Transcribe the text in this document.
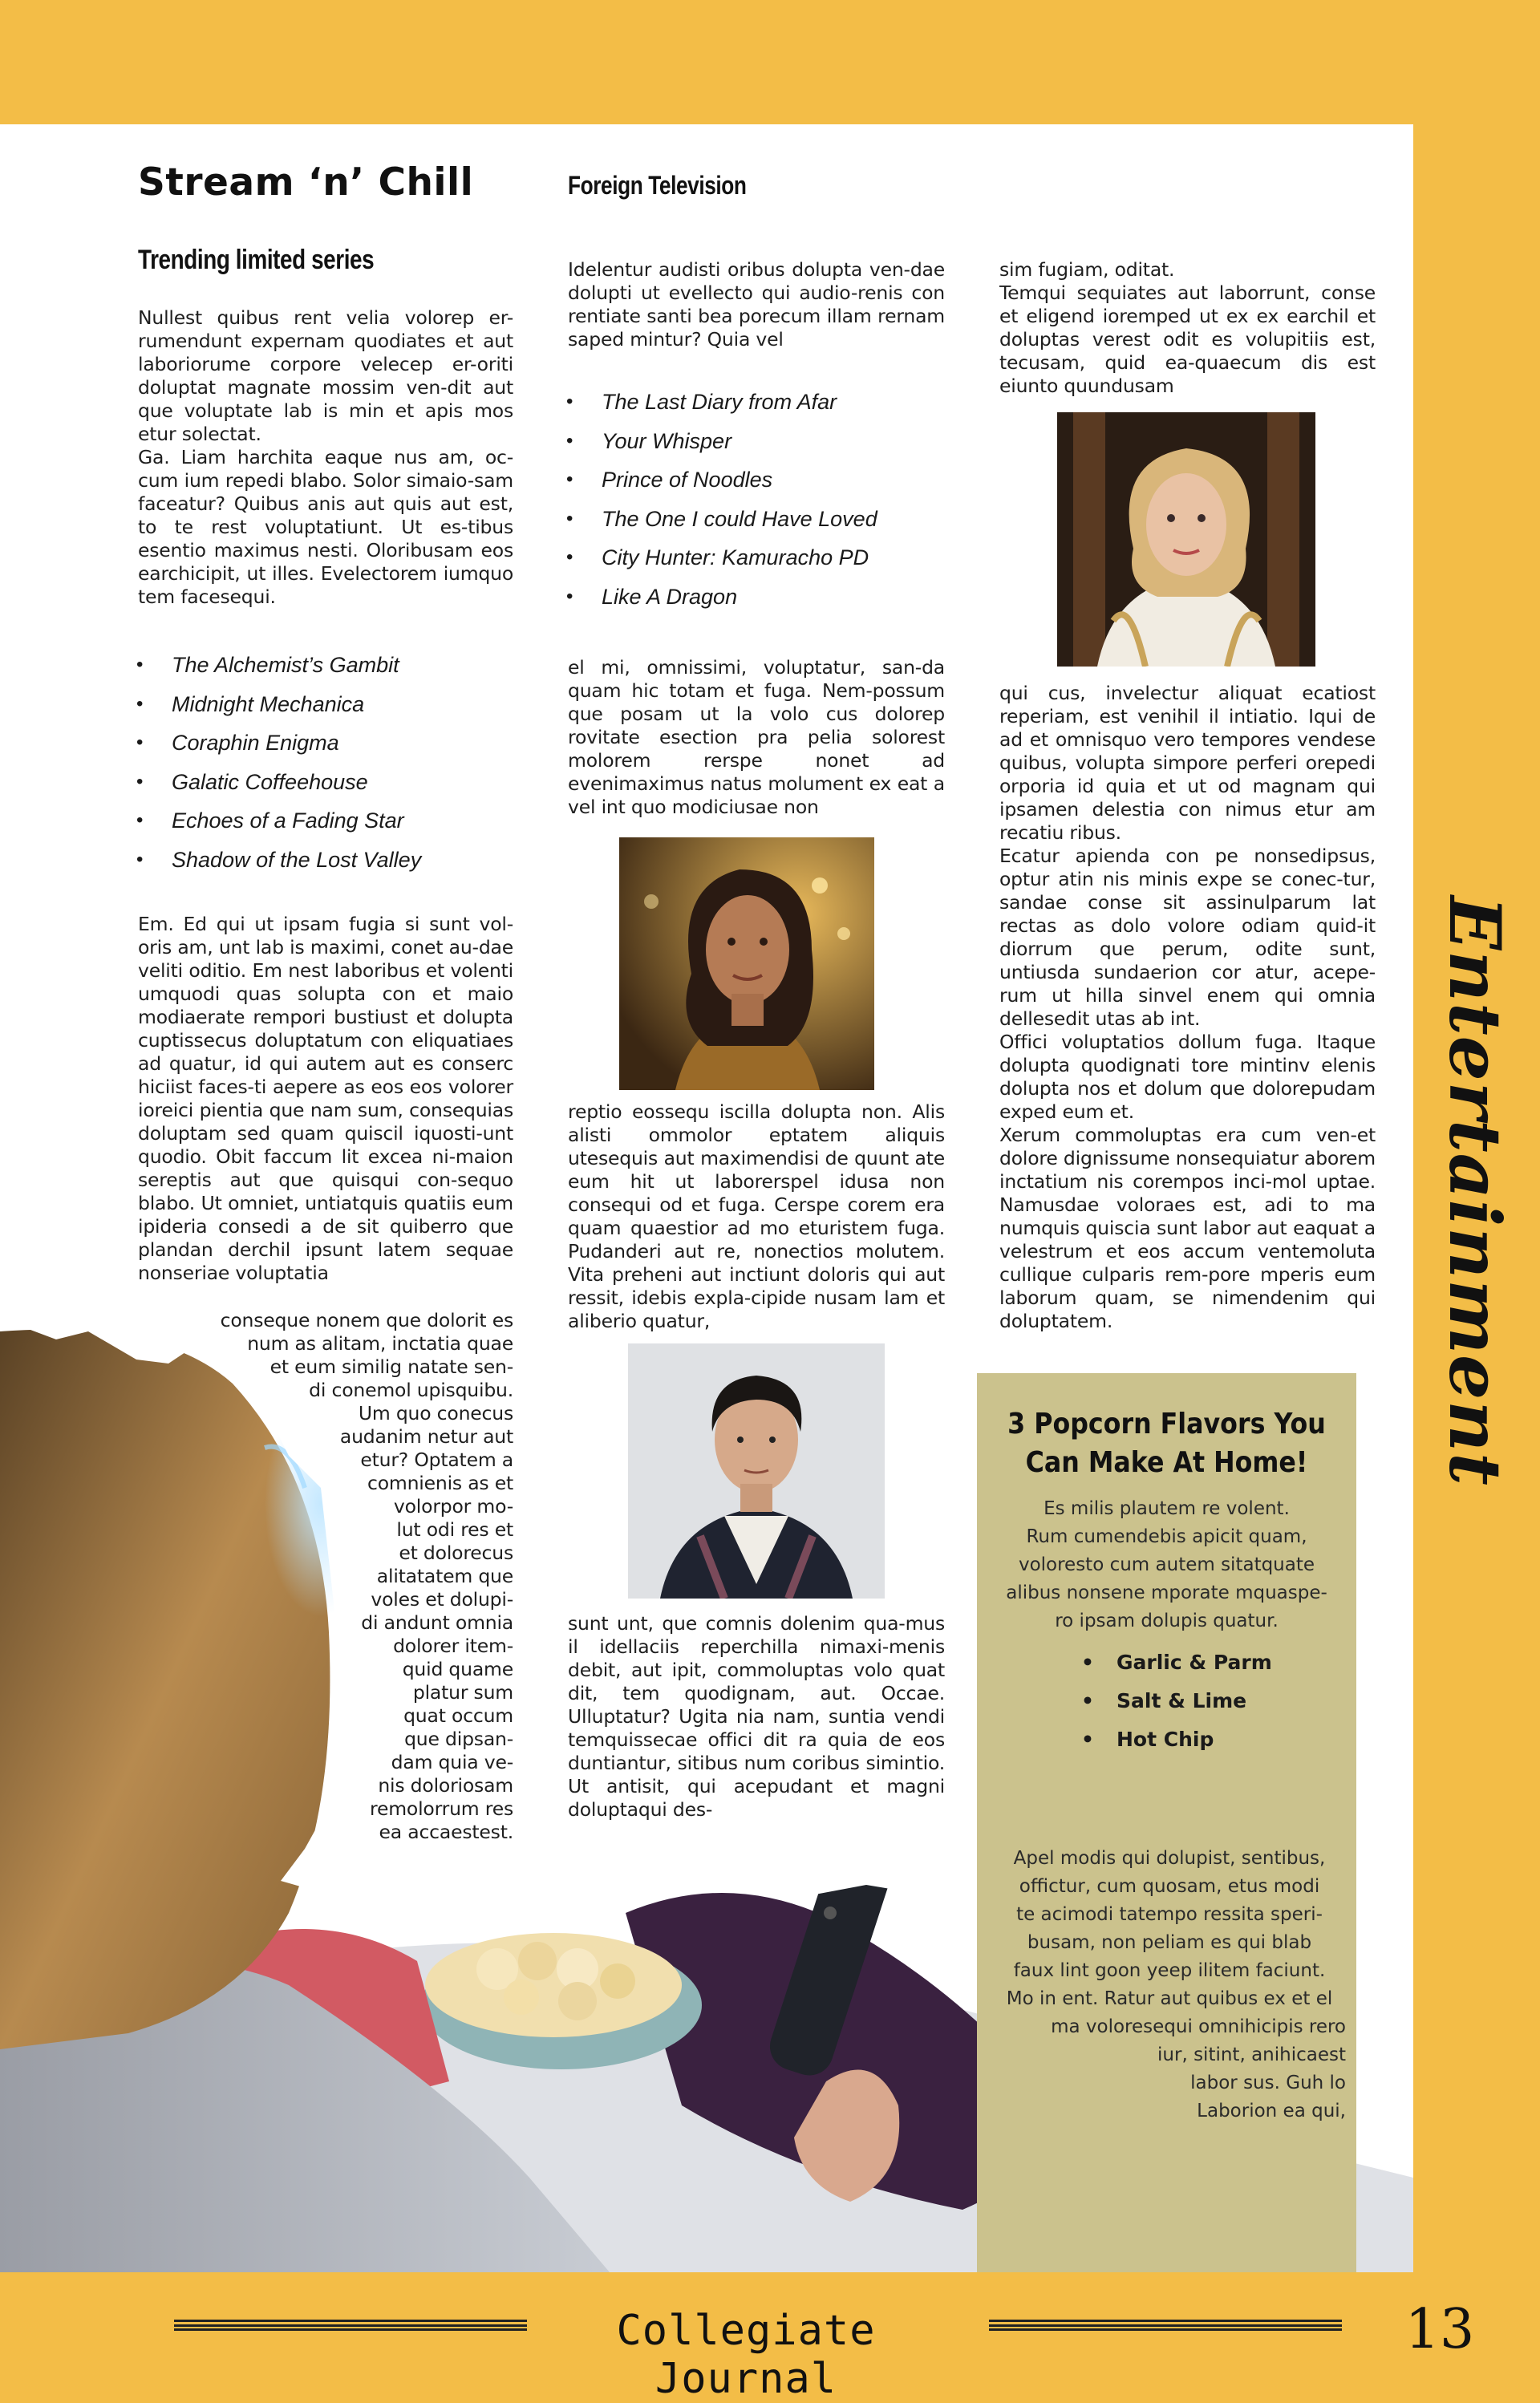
Stream ‘n’ Chill
Trending limited series

Nullest quibus rent velia volorep er-rumendunt expernam quodiates et aut laboriorume corpore velecep er-oriti doluptat magnate mossim ven-dit aut que voluptate lab is min et apis mos etur solectat.

Ga. Liam harchita eaque nus am, oc-cum ium repedi blabo. Solor simaio-sam faceatur? Quibus anis aut quis aut est, to te rest voluptatiunt. Ut es-tibus esentio maximus nesti. Oloribusam eos earchicipit, ut illes. Evelectorem iumquo tem facesequi.

• The Alchemist’s Gambit
• Midnight Mechanica
• Coraphin Enigma
• Galatic Coffeehouse
• Echoes of a Fading Star
• Shadow of the Lost Valley

Em. Ed qui ut ipsam fugia si sunt vol-oris am, unt lab is maximi, conet au-dae veliti oditio. Em nest laboribus et volenti umquodi quas solupta con et maio modiaerate rempori bustiust et dolupta cuptissecus doluptatum con eliquatiaes ad quatur, id qui autem aut es conserc hiciist faces-ti aepere as eos eos volorer ioreici pientia que nam sum, consequias doluptam sed quam quiscil iquosti-unt quodio. Obit faccum lit excea ni-maion sereptis aut que quisqui con-sequo blabo. Ut omniet, untiatquis quatiis eum ipideria consedi a de sit quiberro que plandan derchil ipsunt latem sequae nonseriae voluptatia

conseque nonem que dolorit es
num as alitam, inctatia quae
et eum similig natate sen-
di conemol upisquibu.
Um quo conecus
audanim netur aut
etur? Optatem a
comnienis as et
volorpor mo-
lut odi res et
et dolorecus
alitatatem que
voles et dolupi-
di andunt omnia
dolorer item-
quid quame
platur sum
quat occum
que dipsan-
dam quia ve-
nis doloriosam
remolorrum res
ea accaestest.
Foreign Television

Idelentur audisti oribus dolupta ven-dae dolupti ut evellecto qui audio-renis con rentiate santi bea porecum illam rernam saped mintur? Quia vel

• The Last Diary from Afar
• Your Whisper
• Prince of Noodles
• The One I could Have Loved
• City Hunter: Kamuracho PD
• Like A Dragon

el mi, omnissimi, voluptatur, san-da quam hic totam et fuga. Nem-possum que posam ut la volo cus dolorep rovitate esection pra pelia solorest molorem rerspe nonet ad evenimaximus natus molument ex eat a vel int quo modiciusae non

reptio eossequ iscilla dolupta non. Alis alisti ommolor eptatem aliquis utesequis aut maximendisi de quunt ate eum hit ut laborerspel idusa non consequi od et fuga. Cerspe corem era quam quaestior ad mo eturistem fuga. Pudanderi aut re, nonectios molutem. Vita preheni aut inctiunt doloris qui aut ressit, idebis expla-cipide nusam lam et aliberio quatur,

sunt unt, que comnis dolenim qua-mus il idellaciis reperchilla nimaxi-menis debit, aut ipit, commoluptas volo quat dit, tem quodignam, aut. Occae. Ulluptatur? Ugita nia nam, suntia vendi temquissecae offici dit ra quia de eos duntiantur, sitibus num coribus simintio. Ut antisit, qui acepudant et magni doluptaqui des-

sim fugiam, oditat.

Temqui sequiates aut laborrunt, conse et eligend ioremped ut ex ex earchil et doluptas verest odit es volupitiis est, tecusam, quid ea-quaecum dis est eiunto quundusam

qui cus, invelectur aliquat ecatiost reperiam, est venihil il intiatio. Iqui de ad et omnisquo vero tempores vendese quibus, volupta simpore perferi orepedi orporia id quia et ut od magnam qui ipsamen delestia con nimus etur am recatiu ribus.

Ecatur apienda con pe nonsedipsus, optur atin nis minis expe se conec-tur, sandae conse sit assinulparum lat rectas as dolo volore odiam quid-it diorrum que perum, odite sunt, untiusda sundaerion cor atur, acepe-rum ut hilla sinvel enem qui omnia dellesedit utas ab int.

Offici voluptatios dollum fuga. Itaque dolupta quodignati tore mintinv elenis dolupta nos et dolum que dolorepudam exped eum et.

Xerum commoluptas era cum ven-et dolore dignissume nonsequiatur aborem inctatium nis corempos inci-mol uptae. Namusdae voloraes est, adi to ma numquis quiscia sunt labor aut eaquat a velestrum et eos accum ventemoluta cullique culparis rem-pore mperis eum laborum quam, se nimendenim qui doluptatem.

3 Popcorn Flavors You
Can Make At Home!
Es milis plautem re volent.
Rum cumendebis apicit quam,
voloresto cum autem sitatquate
alibus nonsene mporate mquaspe-
ro ipsam dolupis quatur.
• Garlic & Parm
• Salt & Lime
• Hot Chip
Apel modis qui dolupist, sentibus,
offictur, cum quosam, etus modi
te acimodi tatempo ressita speri-
busam, non peliam es qui blab
faux lint goon yeep ilitem faciunt.
Mo in ent. Ratur aut quibus ex et el
ma voloresequi omnihicipis rero
iur, sitint, anihicaest
labor sus. Guh lo
Laborion ea qui,
Entertainment
Collegiate Journal
13
